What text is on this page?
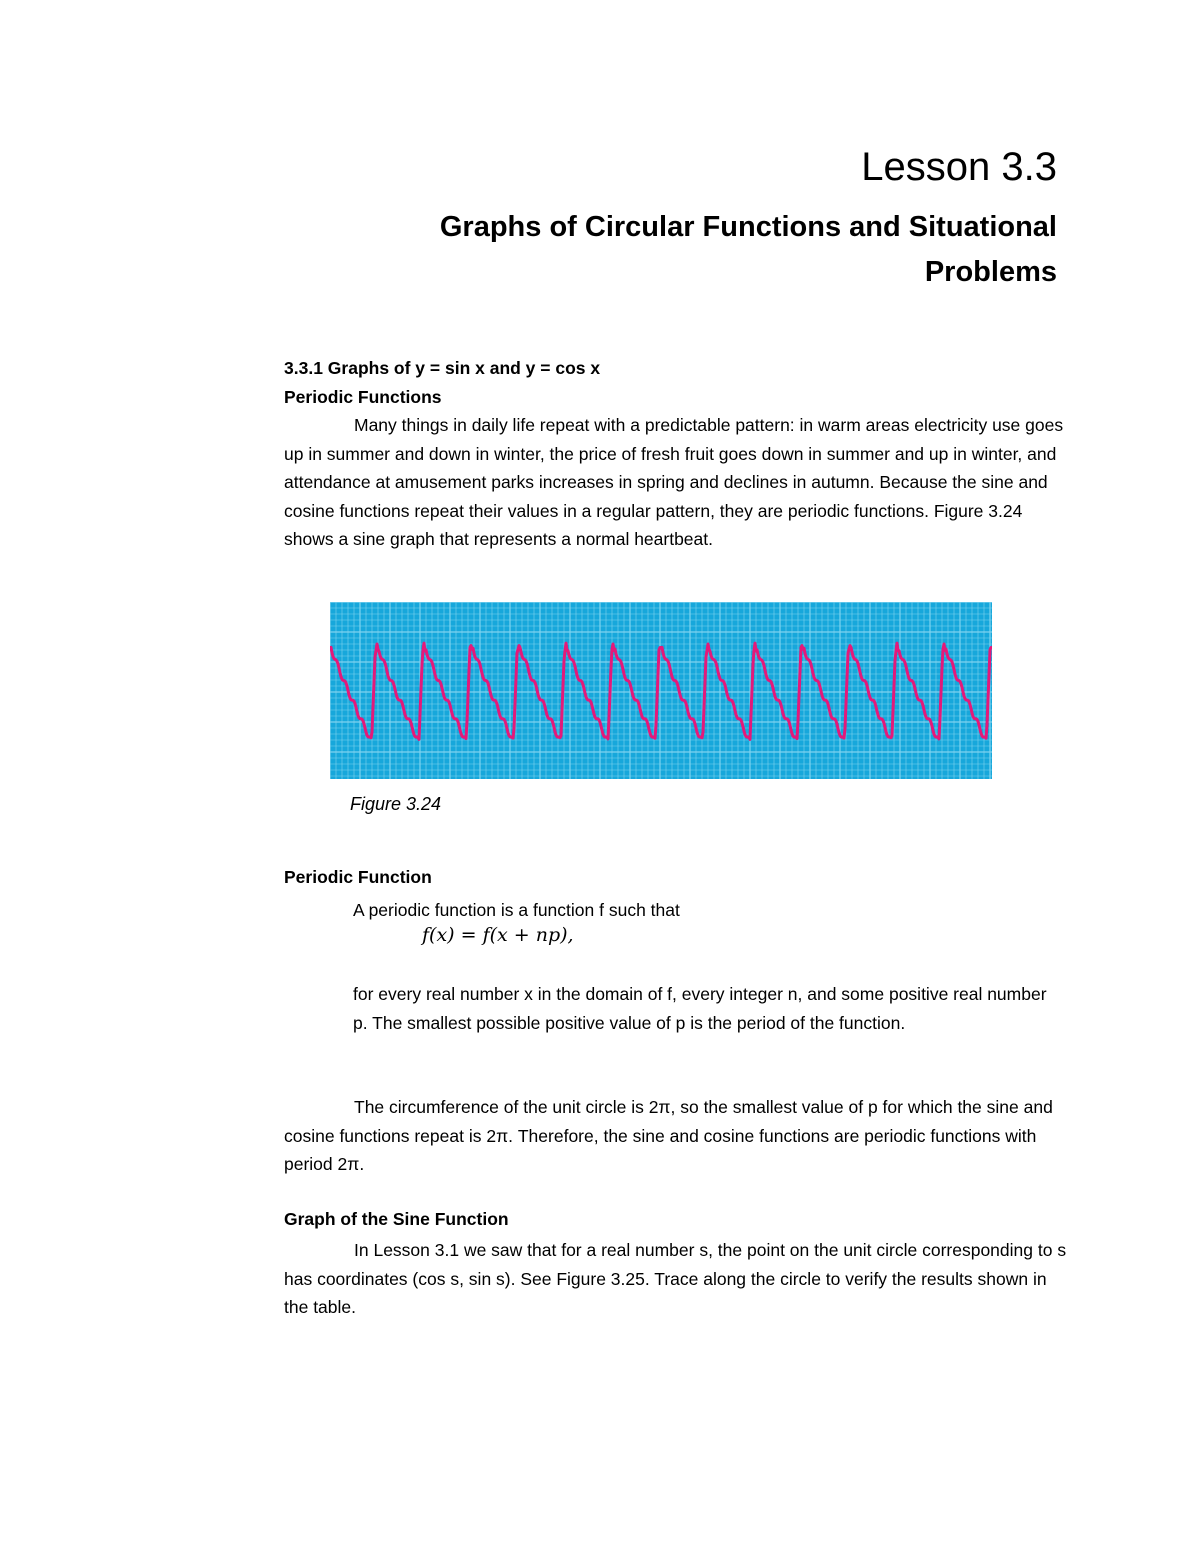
Lesson 3.3
Graphs of Circular Functions and Situational Problems

3.3.1 Graphs of y = sin x and y = cos x

Periodic Functions

Many things in daily life repeat with a predictable pattern: in warm areas electricity use goes up in summer and down in winter, the price of fresh fruit goes down in summer and up in winter, and attendance at amusement parks increases in spring and declines in autumn. Because the sine and cosine functions repeat their values in a regular pattern, they are periodic functions. Figure 3.24 shows a sine graph that represents a normal heartbeat.

Figure 3.24
Periodic Function
A periodic function is a function f such that
f(x) = f(x + np),
for every real number x in the domain of f, every integer n, and some positive real number p. The smallest possible positive value of p is the period of the function.
The circumference of the unit circle is 2π, so the smallest value of p for which the sine and cosine functions repeat is 2π. Therefore, the sine and cosine functions are periodic functions with period 2π.
Graph of the Sine Function
In Lesson 3.1 we saw that for a real number s, the point on the unit circle corresponding to s has coordinates (cos s, sin s). See Figure 3.25. Trace along the circle to verify the results shown in the table.
